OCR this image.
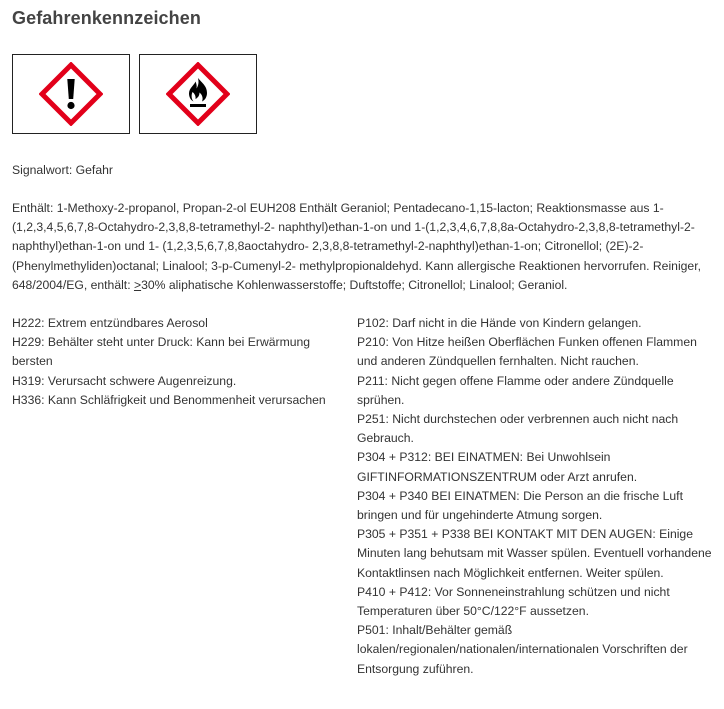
Gefahrenkennzeichen
Signalwort: Gefahr
Enthält: 1-Methoxy-2-propanol, Propan-2-ol EUH208 Enthält Geraniol; Pentadecano-1,15-lacton; Reaktionsmasse aus 1-(1,2,3,4,5,6,7,8-Octahydro-2,3,8,8-tetramethyl-2- naphthyl)ethan-1-on und 1-(1,2,3,4,6,7,8,8a-Octahydro-2,3,8,8-tetramethyl-2-naphthyl)ethan-1-on und 1- (1,2,3,5,6,7,8,8aoctahydro- 2,3,8,8-tetramethyl-2-naphthyl)ethan-1-on; Citronellol; (2E)-2-(Phenylmethyliden)octanal; Linalool; 3-p-Cumenyl-2- methylpropionaldehyd. Kann allergische Reaktionen hervorrufen. Reiniger, 648/2004/EG, enthält: >30% aliphatische Kohlenwasserstoffe; Duftstoffe; Citronellol; Linalool; Geraniol.

H222: Extrem entzündbares Aerosol

H229: Behälter steht unter Druck: Kann bei Erwärmung bersten

H319: Verursacht schwere Augenreizung.

H336: Kann Schläfrigkeit und Benommenheit verursachen

P102: Darf nicht in die Hände von Kindern gelangen.

P210: Von Hitze heißen Oberflächen Funken offenen Flammen und anderen Zündquellen fernhalten. Nicht rauchen.

P211: Nicht gegen offene Flamme oder andere Zündquelle sprühen.

P251: Nicht durchstechen oder verbrennen auch nicht nach Gebrauch.

P304 + P312: BEI EINATMEN: Bei Unwohlsein GIFTINFORMATIONSZENTRUM oder Arzt anrufen.

P304 + P340 BEI EINATMEN: Die Person an die frische Luft bringen und für ungehinderte Atmung sorgen.

P305 + P351 + P338 BEI KONTAKT MIT DEN AUGEN: Einige Minuten lang behutsam mit Wasser spülen. Eventuell vorhandene Kontaktlinsen nach Möglichkeit entfernen. Weiter spülen.

P410 + P412: Vor Sonneneinstrahlung schützen und nicht Temperaturen über 50°C/122°F aussetzen.

P501: Inhalt/Behälter gemäß lokalen/regionalen/nationalen/internationalen Vorschriften der Entsorgung zuführen.
